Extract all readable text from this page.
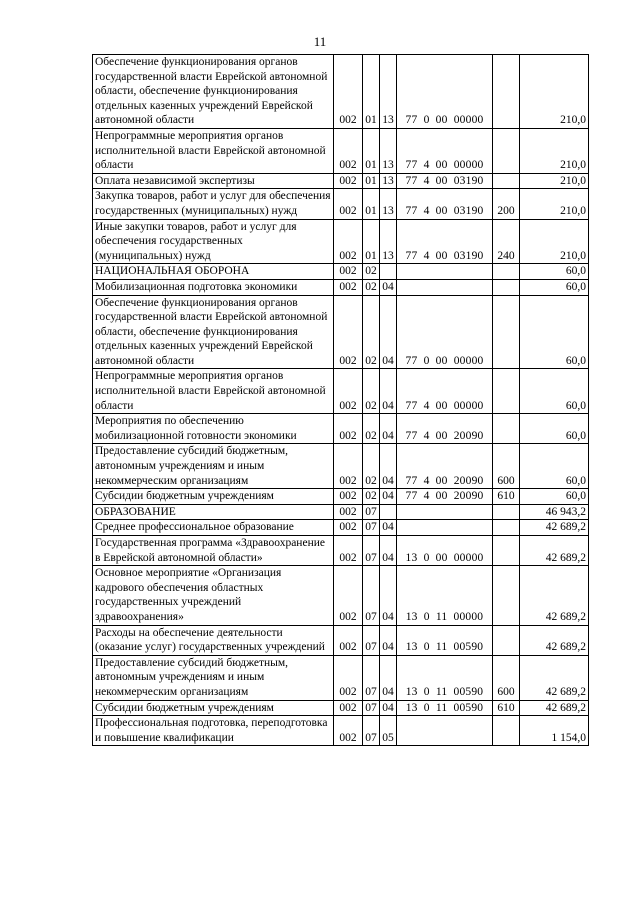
11
Обеспечение функционирования органов государственной власти Еврейской автономной области, обеспечение функционирования отдельных казенных учреждений Еврейской автономной области	002	01	13	77  0  00  00000		210,0
Непрограммные мероприятия органов исполнительной власти Еврейской автономной области	002	01	13	77  4  00  00000		210,0
Оплата независимой экспертизы	002	01	13	77  4  00  03190		210,0
Закупка товаров, работ и услуг для обеспечения государственных (муниципальных) нужд	002	01	13	77  4  00  03190	200	210,0
Иные закупки товаров, работ и услуг для обеспечения государственных (муниципальных) нужд	002	01	13	77  4  00  03190	240	210,0
НАЦИОНАЛЬНАЯ ОБОРОНА	002	02				60,0
Мобилизационная подготовка экономики	002	02	04			60,0
Обеспечение функционирования органов государственной власти Еврейской автономной области, обеспечение функционирования отдельных казенных учреждений Еврейской автономной области	002	02	04	77  0  00  00000		60,0
Непрограммные мероприятия органов исполнительной власти Еврейской автономной области	002	02	04	77  4  00  00000		60,0
Мероприятия по обеспечению мобилизационной готовности экономики	002	02	04	77  4  00  20090		60,0
Предоставление субсидий бюджетным, автономным учреждениям и иным некоммерческим организациям	002	02	04	77  4  00  20090	600	60,0
Субсидии бюджетным учреждениям	002	02	04	77  4  00  20090	610	60,0
ОБРАЗОВАНИЕ	002	07				46 943,2
Среднее профессиональное образование	002	07	04			42 689,2
Государственная программа «Здравоохранение в Еврейской автономной области»	002	07	04	13  0  00  00000		42 689,2
Основное мероприятие «Организация кадрового обеспечения областных государственных учреждений здравоохранения»	002	07	04	13  0  11  00000		42 689,2
Расходы на обеспечение деятельности (оказание услуг) государственных учреждений	002	07	04	13  0  11  00590		42 689,2
Предоставление субсидий бюджетным, автономным учреждениям и иным некоммерческим организациям	002	07	04	13  0  11  00590	600	42 689,2
Субсидии бюджетным учреждениям	002	07	04	13  0  11  00590	610	42 689,2
Профессиональная подготовка, переподготовка и повышение квалификации	002	07	05			1 154,0
